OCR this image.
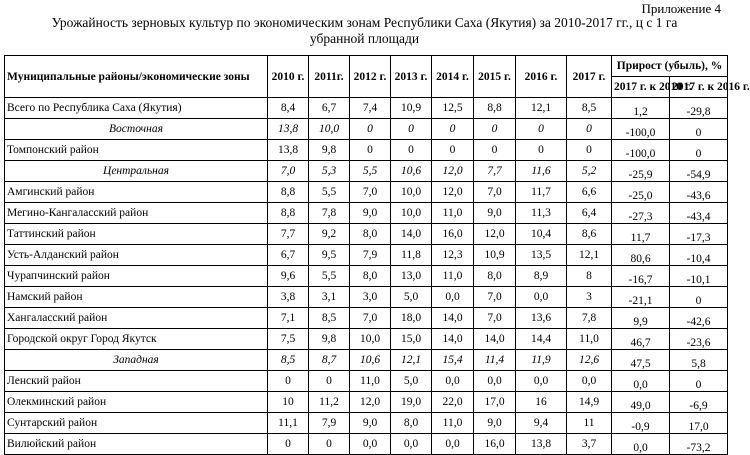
Приложение 4
Урожайность зерновых культур по экономическим зонам Республики Саха (Якутия) за 2010-2017 гг., ц с 1 га
убранной площади
Муниципальные районы/экономические зоны	2010 г.	2011г.	2012 г.	2013 г.	2014 г.	2015 г.	2016 г.	2017 г.	Прирост (убыль), %	
									2017 г. к 2010 г.	2017 г. к 2016 г.
Всего по Республика Саха (Якутия)	8,4	6,7	7,4	10,9	12,5	8,8	12,1	8,5	1,2	-29,8
Восточная	13,8	10,0	0	0	0	0	0	0	-100,0	0
Томпонский район	13,8	9,8	0	0	0	0	0	0	-100,0	0
Центральная	7,0	5,3	5,5	10,6	12,0	7,7	11,6	5,2	-25,9	-54,9
Амгинский район	8,8	5,5	7,0	10,0	12,0	7,0	11,7	6,6	-25,0	-43,6
Мегино-Кангаласский район	8,8	7,8	9,0	10,0	11,0	9,0	11,3	6,4	-27,3	-43,4
Таттинский район	7,7	9,2	8,0	14,0	16,0	12,0	10,4	8,6	11,7	-17,3
Усть-Алданский район	6,7	9,5	7,9	11,8	12,3	10,9	13,5	12,1	80,6	-10,4
Чурапчинский район	9,6	5,5	8,0	13,0	11,0	8,0	8,9	8	-16,7	-10,1
Намский район	3,8	3,1	3,0	5,0	0,0	7,0	0,0	3	-21,1	0
Хангаласский район	7,1	8,5	7,0	18,0	14,0	7,0	13,6	7,8	9,9	-42,6
Городской округ Город Якутск	7,5	9,8	10,0	15,0	14,0	14,0	14,4	11,0	46,7	-23,6
Западная	8,5	8,7	10,6	12,1	15,4	11,4	11,9	12,6	47,5	5,8
Ленский район	0	0	11,0	5,0	0,0	0,0	0,0	0,0	0,0	0
Олекминский район	10	11,2	12,0	19,0	22,0	17,0	16	14,9	49,0	-6,9
Сунтарский район	11,1	7,9	9,0	8,0	11,0	9,0	9,4	11	-0,9	17,0
Вилюйский район	0	0	0,0	0,0	0,0	16,0	13,8	3,7	0,0	-73,2
